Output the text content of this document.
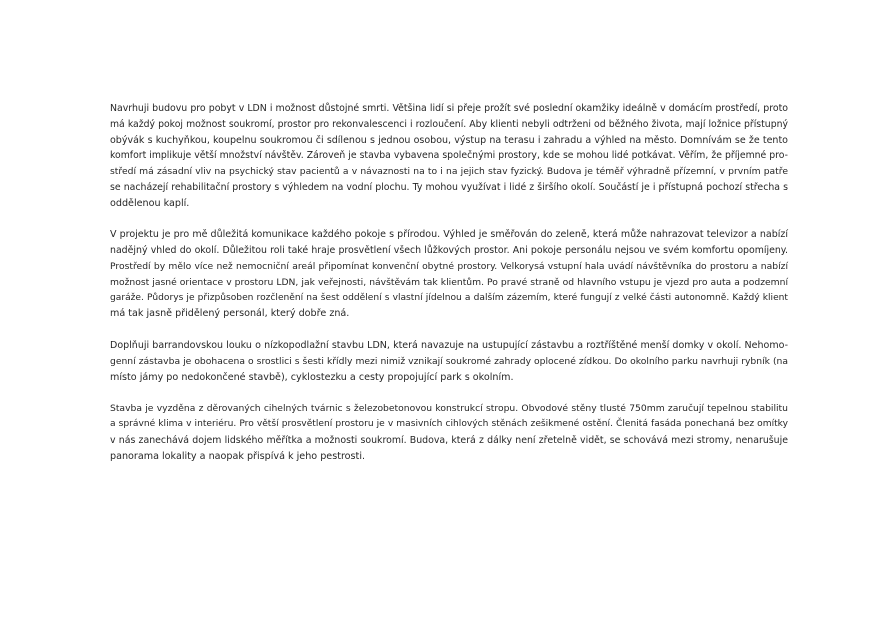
Navrhuji budovu pro pobyt v LDN i možnost důstojné smrti. Většina lidí si přeje prožít své poslední okamžiky ideálně v domácím prostředí, proto
má každý pokoj možnost soukromí, prostor pro rekonvalescenci i rozloučení. Aby klienti nebyli odtrženi od běžného života, mají ložnice přístupný
obývák s kuchyňkou, koupelnu soukromou či sdílenou s jednou osobou, výstup na terasu i zahradu a výhled na město. Domnívám se že tento
komfort implikuje větší množství návštěv. Zároveň je stavba vybavena společnými prostory, kde se mohou lidé potkávat. Věřím, že příjemné pro-
středí má zásadní vliv na psychický stav pacientů a v návaznosti na to i na jejich stav fyzický. Budova je téměř výhradně přízemní, v prvním patře
se nacházejí rehabilitační prostory s výhledem na vodní plochu. Ty mohou využívat i lidé z širšího okolí. Součástí je i přístupná pochozí střecha s
oddělenou kaplí.

V projektu je pro mě důležitá komunikace každého pokoje s přírodou. Výhled je směřován do zeleně, která může nahrazovat televizor a nabízí
nadějný vhled do okolí. Důležitou roli také hraje prosvětlení všech lůžkových prostor. Ani pokoje personálu nejsou ve svém komfortu opomíjeny.
Prostředí by mělo více než nemocniční areál připomínat konvenční obytné prostory. Velkorysá vstupní hala uvádí návštěvníka do prostoru a nabízí
možnost jasné orientace v prostoru LDN, jak veřejnosti, návštěvám tak klientům. Po pravé straně od hlavního vstupu je vjezd pro auta a podzemní
garáže. Půdorys je přizpůsoben rozčlenění na šest oddělení s vlastní jídelnou a dalším zázemím, které fungují z velké části autonomně. Každý klient
má tak jasně přidělený personál, který dobře zná.

Doplňuji barrandovskou louku o nízkopodlažní stavbu LDN, která navazuje na ustupující zástavbu a roztříštěné menší domky v okolí. Nehomo-
genní zástavba je obohacena o srostlici s šesti křídly mezi nimiž vznikají soukromé zahrady oplocené zídkou. Do okolního parku navrhuji rybník (na
místo jámy po nedokončené stavbě), cyklostezku a cesty propojující park s okolním.

Stavba je vyzděna z děrovaných cihelných tvárnic s železobetonovou konstrukcí stropu. Obvodové stěny tlusté 750mm zaručují tepelnou stabilitu
a správné klima v interiéru. Pro větší prosvětlení prostoru je v masivních cihlových stěnách zešikmené ostění. Členitá fasáda ponechaná bez omítky
v nás zanechává dojem lidského měřítka a možnosti soukromí. Budova, která z dálky není zřetelně vidět, se schovává mezi stromy, nenarušuje
panorama lokality a naopak přispívá k jeho pestrosti.
